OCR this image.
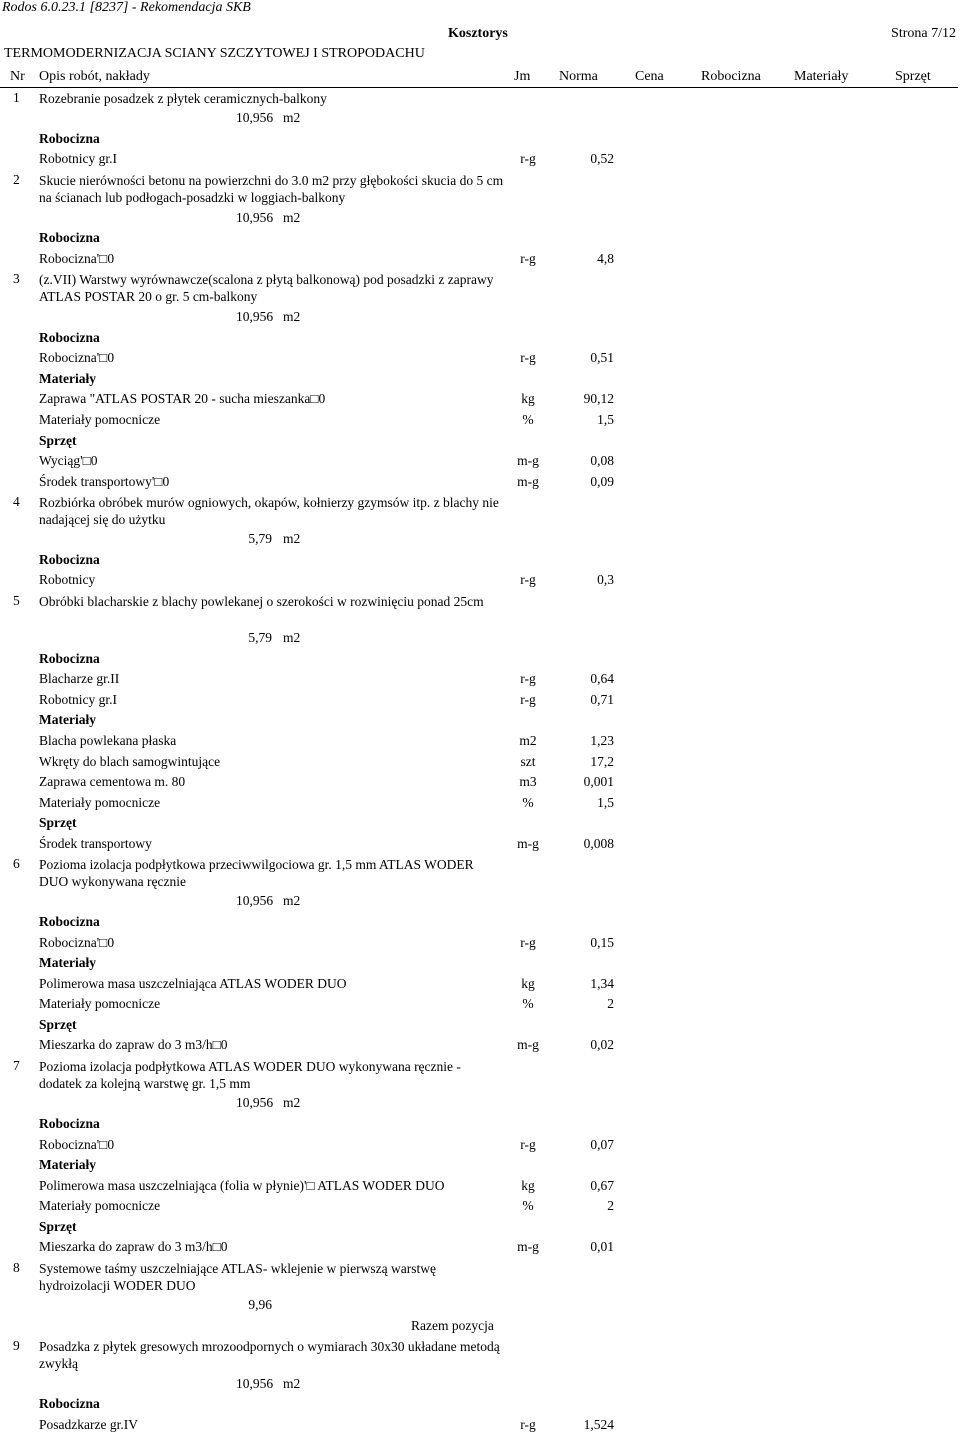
Rodos 6.0.23.1 [8237] - Rekomendacja SKB
Kosztorys	Strona 7/12
TERMOMODERNIZACJA SCIANY SZCZYTOWEJ I STROPODACHU
Nr Opis robót, nakłady	Jm Norma	Cena	Robocizna Materiały	Sprzęt
1 Rozebranie posadzek z płytek ceramicznych-balkony
10,956 m2
Robocizna
Robotnicy gr.I	r-g	0,52
2 Skucie nierówności betonu na powierzchni do 3.0 m2 przy głębokości skucia do 5 cm na ścianach lub podłogach-posadzki w loggiach-balkony
10,956 m2
Robocizna
Robocizna'□0	r-g	4,8
3 (z.VII) Warstwy wyrównawcze(scalona z płytą balkonową) pod posadzki z zaprawy ATLAS POSTAR 20 o gr. 5 cm-balkony
10,956 m2
Robocizna
Robocizna'□0	r-g	0,51
Materiały
Zaprawa "ATLAS POSTAR 20 - sucha mieszanka□0	kg	90,12
Materiały pomocnicze	%	1,5
Sprzęt
Wyciąg'□0	m-g	0,08
Środek transportowy'□0	m-g	0,09
4 Rozbiórka obróbek murów ogniowych, okapów, kołnierzy gzymsów itp. z blachy nie nadającej się do użytku
5,79 m2
Robocizna
Robotnicy	r-g	0,3
5 Obróbki blacharskie z blachy powlekanej o szerokości w rozwinięciu ponad 25cm
5,79 m2
Robocizna
Blacharze gr.II	r-g	0,64
Robotnicy gr.I	r-g	0,71
Materiały
Blacha powlekana płaska	m2	1,23
Wkręty do blach samogwintujące	szt	17,2
Zaprawa cementowa m. 80	m3	0,001
Materiały pomocnicze	%	1,5
Sprzęt
Środek transportowy	m-g	0,008
6 Pozioma izolacja podpłytkowa przeciwwilgociowa gr. 1,5 mm ATLAS WODER DUO wykonywana ręcznie
10,956 m2
Robocizna
Robocizna'□0	r-g	0,15
Materiały
Polimerowa masa uszczelniająca ATLAS WODER DUO	kg	1,34
Materiały pomocnicze	%	2
Sprzęt
Mieszarka do zapraw do 3 m3/h□0	m-g	0,02
7 Pozioma izolacja podpłytkowa ATLAS WODER DUO wykonywana ręcznie - dodatek za kolejną warstwę gr. 1,5 mm
10,956 m2
Robocizna
Robocizna'□0	r-g	0,07
Materiały
Polimerowa masa uszczelniająca (folia w płynie)'□ ATLAS WODER DUO	kg	0,67
Materiały pomocnicze	%	2
Sprzęt
Mieszarka do zapraw do 3 m3/h□0	m-g	0,01
8 Systemowe taśmy uszczelniające ATLAS- wklejenie w pierwszą warstwę hydroizolacji WODER DUO
9,96
Razem pozycja
9 Posadzka z płytek gresowych mrozoodpornych o wymiarach 30x30 układane metodą zwykłą
10,956 m2
Robocizna
Posadzkarze gr.IV	r-g	1,524
